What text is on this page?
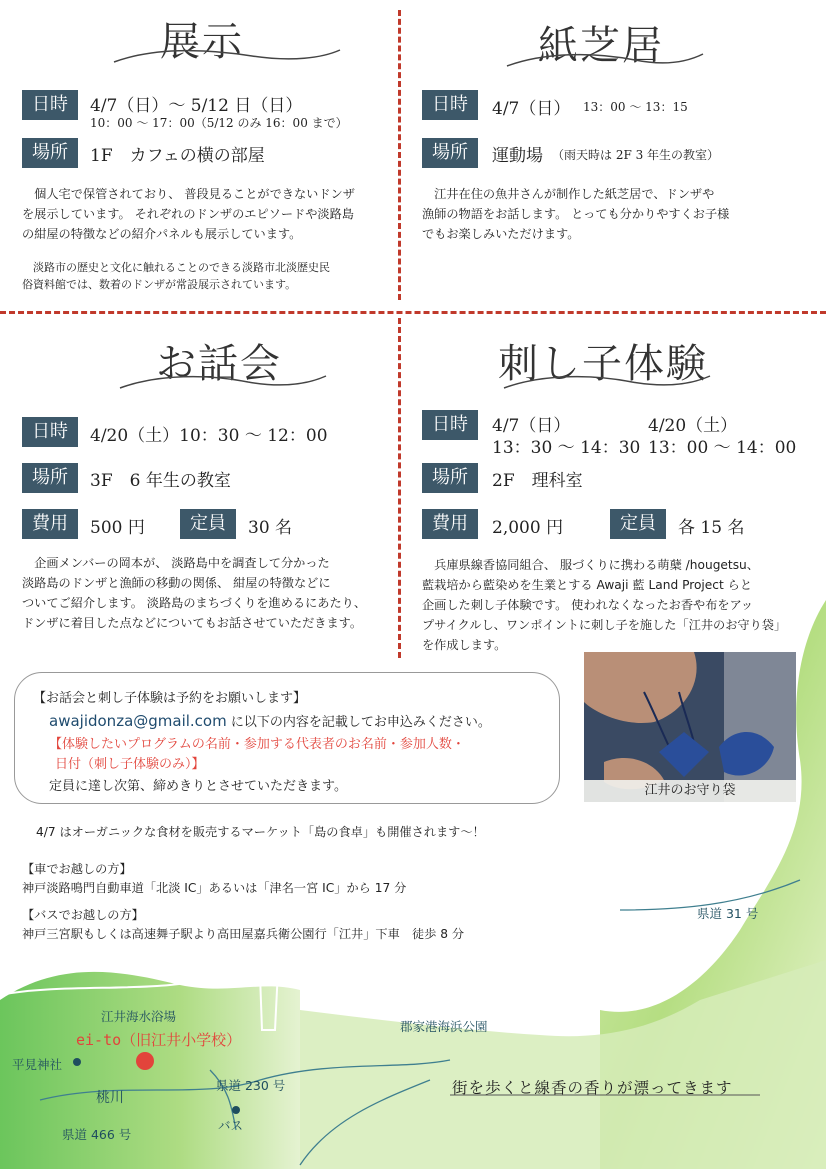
展示
日時	4/7（日）～ 5/12 日（日）
10：00 ～ 17：00（5/12 のみ 16：00 まで）
場所	1F　カフェの横の部屋
　個人宅で保管されており、 普段見ることができないドンザ
を展示しています。 それぞれのドンザのエピソードや淡路島
の紺屋の特徴などの紹介パネルも展示しています。
　淡路市の歴史と文化に触れることのできる淡路市北淡歴史民
俗資料館では、数着のドンザが常設展示されています。
紙芝居
日時	4/7（日） 13：00 ～ 13：15
場所	運動場 （雨天時は 2F 3 年生の教室）
　江井在住の魚井さんが制作した紙芝居で、ドンザや
漁師の物語をお話します。 とっても分かりやすくお子様
でもお楽しみいただけます。
お話会
日時	4/20（土）10：30 ～ 12：00
場所	3F　6 年生の教室
費用	500 円	定員	30 名
　企画メンバーの岡本が、 淡路島中を調査して分かった
淡路島のドンザと漁師の移動の関係、 紺屋の特徴などに
ついてご紹介します。 淡路島のまちづくりを進めるにあたり、
ドンザに着目した点などについてもお話させていただきます。
刺し子体験
日時	4/7（日）
13：30 ～ 14：30
4/20（土）
13：00 ～ 14：00
場所	2F　理科室
費用	2,000 円	定員	各 15 名
　兵庫県線香協同組合、 服づくりに携わる萌蘖 /hougetsu、
藍栽培から藍染めを生業とする Awaji 藍 Land Project らと
企画した刺し子体験です。 使われなくなったお香や布をアッ
プサイクルし、ワンポイントに刺し子を施した「江井のお守り袋」
を作成します。
【お話会と刺し子体験は予約をお願いします】
awajidonza@gmail.com に以下の内容を記載してお申込みください。
【体験したいプログラムの名前・参加する代表者のお名前・参加人数・
日付（刺し子体験のみ）】
定員に達し次第、締めきりとさせていただきます。	江井のお守り袋
4/7 はオーガニックな食材を販売するマーケット「島の食卓」も開催されます～！
【車でお越しの方】
神戸淡路鳴門自動車道「北淡 IC」あるいは「津名一宮 IC」から 17 分
【バスでお越しの方】
神戸三宮駅もしくは高速舞子駅より高田屋嘉兵衛公園行「江井」下車　徒歩 8 分
県道 31 号
江井海水浴場
郡家港海浜公園
ei-to（旧江井小学校）
平見神社
桃川
県道 230 号
バス
県道 466 号
街を歩くと線香の香りが漂ってきます
